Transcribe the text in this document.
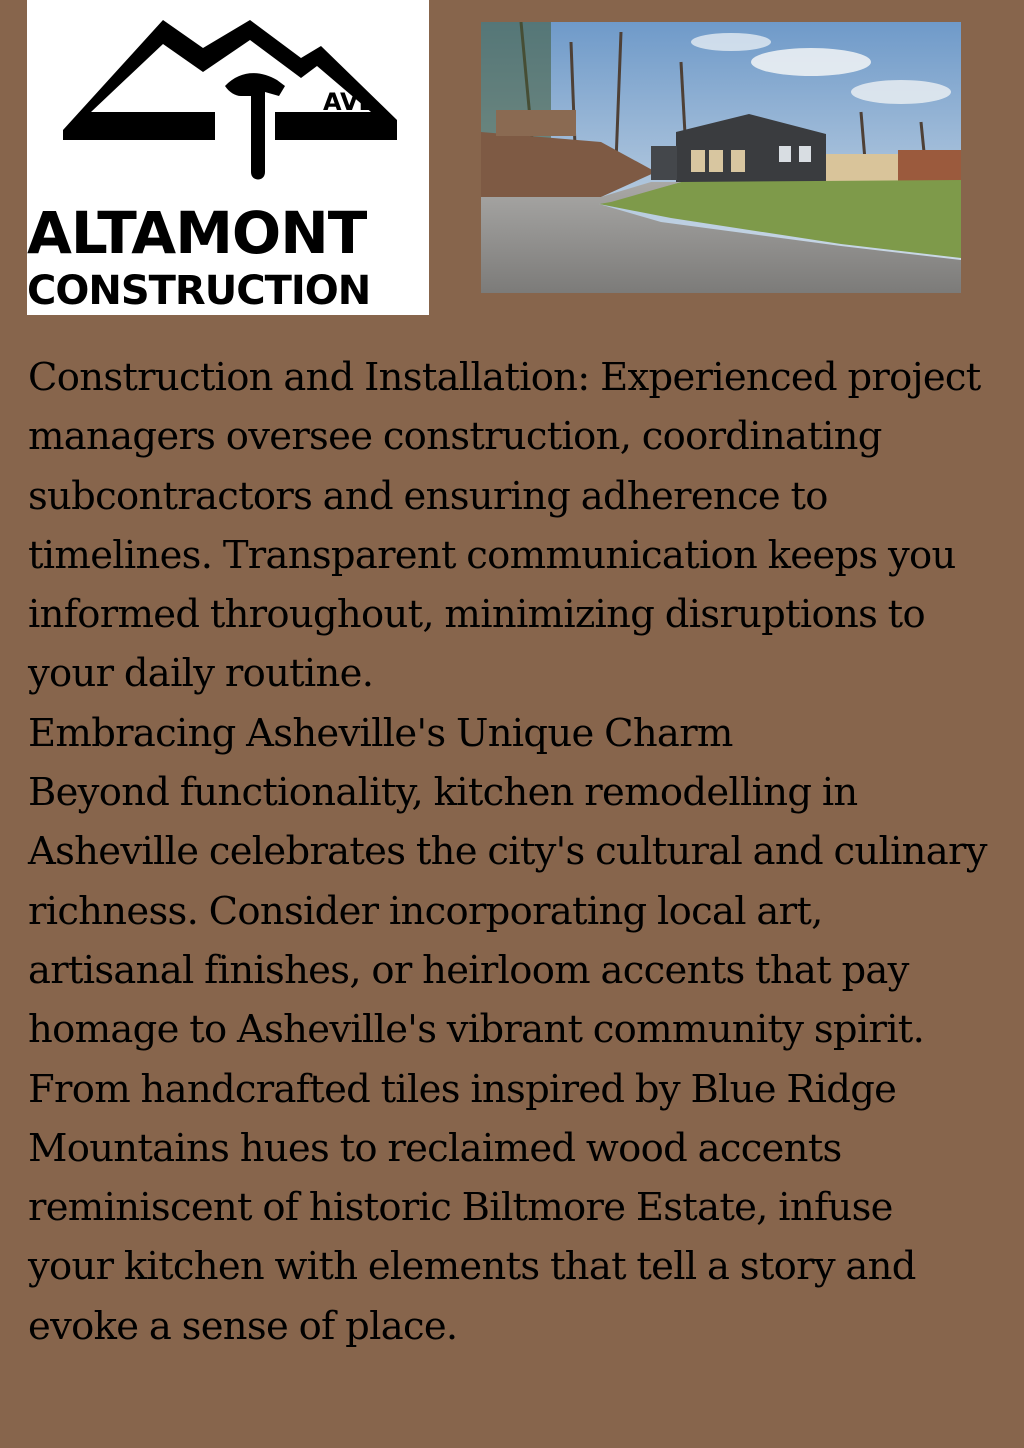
AVL
ALTAMONT
CONSTRUCTION

Construction and Installation: Experienced project managers oversee construction, coordinating subcontractors and ensuring adherence to timelines. Transparent communication keeps you informed throughout, minimizing disruptions to your daily routine.

Embracing Asheville's Unique Charm

Beyond functionality, kitchen remodelling in Asheville celebrates the city's cultural and culinary richness. Consider incorporating local art, artisanal finishes, or heirloom accents that pay homage to Asheville's vibrant community spirit. From handcrafted tiles inspired by Blue Ridge Mountains hues to reclaimed wood accents reminiscent of historic Biltmore Estate, infuse your kitchen with elements that tell a story and evoke a sense of place.
